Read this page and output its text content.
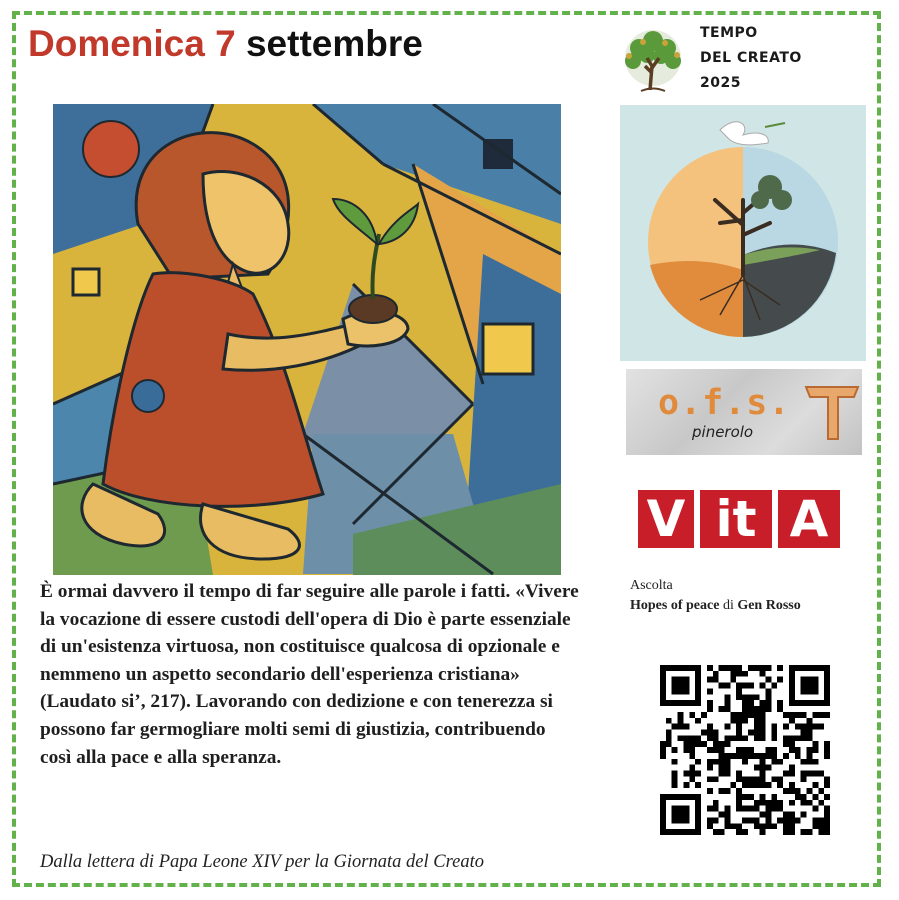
Domenica 7 settembre

È ormai davvero il tempo di far seguire alle parole i fatti. «Vivere la vocazione di essere custodi dell'opera di Dio è parte essenziale di un'esistenza virtuosa, non costituisce qualcosa di opzionale e nemmeno un aspetto secondario dell'esperienza cristiana» (Laudato si’, 217). Lavorando con dedizione e con tenerezza si possono far germogliare molti semi di giustizia, contribuendo così alla pace e alla speranza.

Dalla lettera di Papa Leone XIV per la Giornata del Creato
TEMPO
DEL CREATO
2025
o.f.s.
pinerolo
V it A
Ascolta
Hopes of peace di Gen Rosso
